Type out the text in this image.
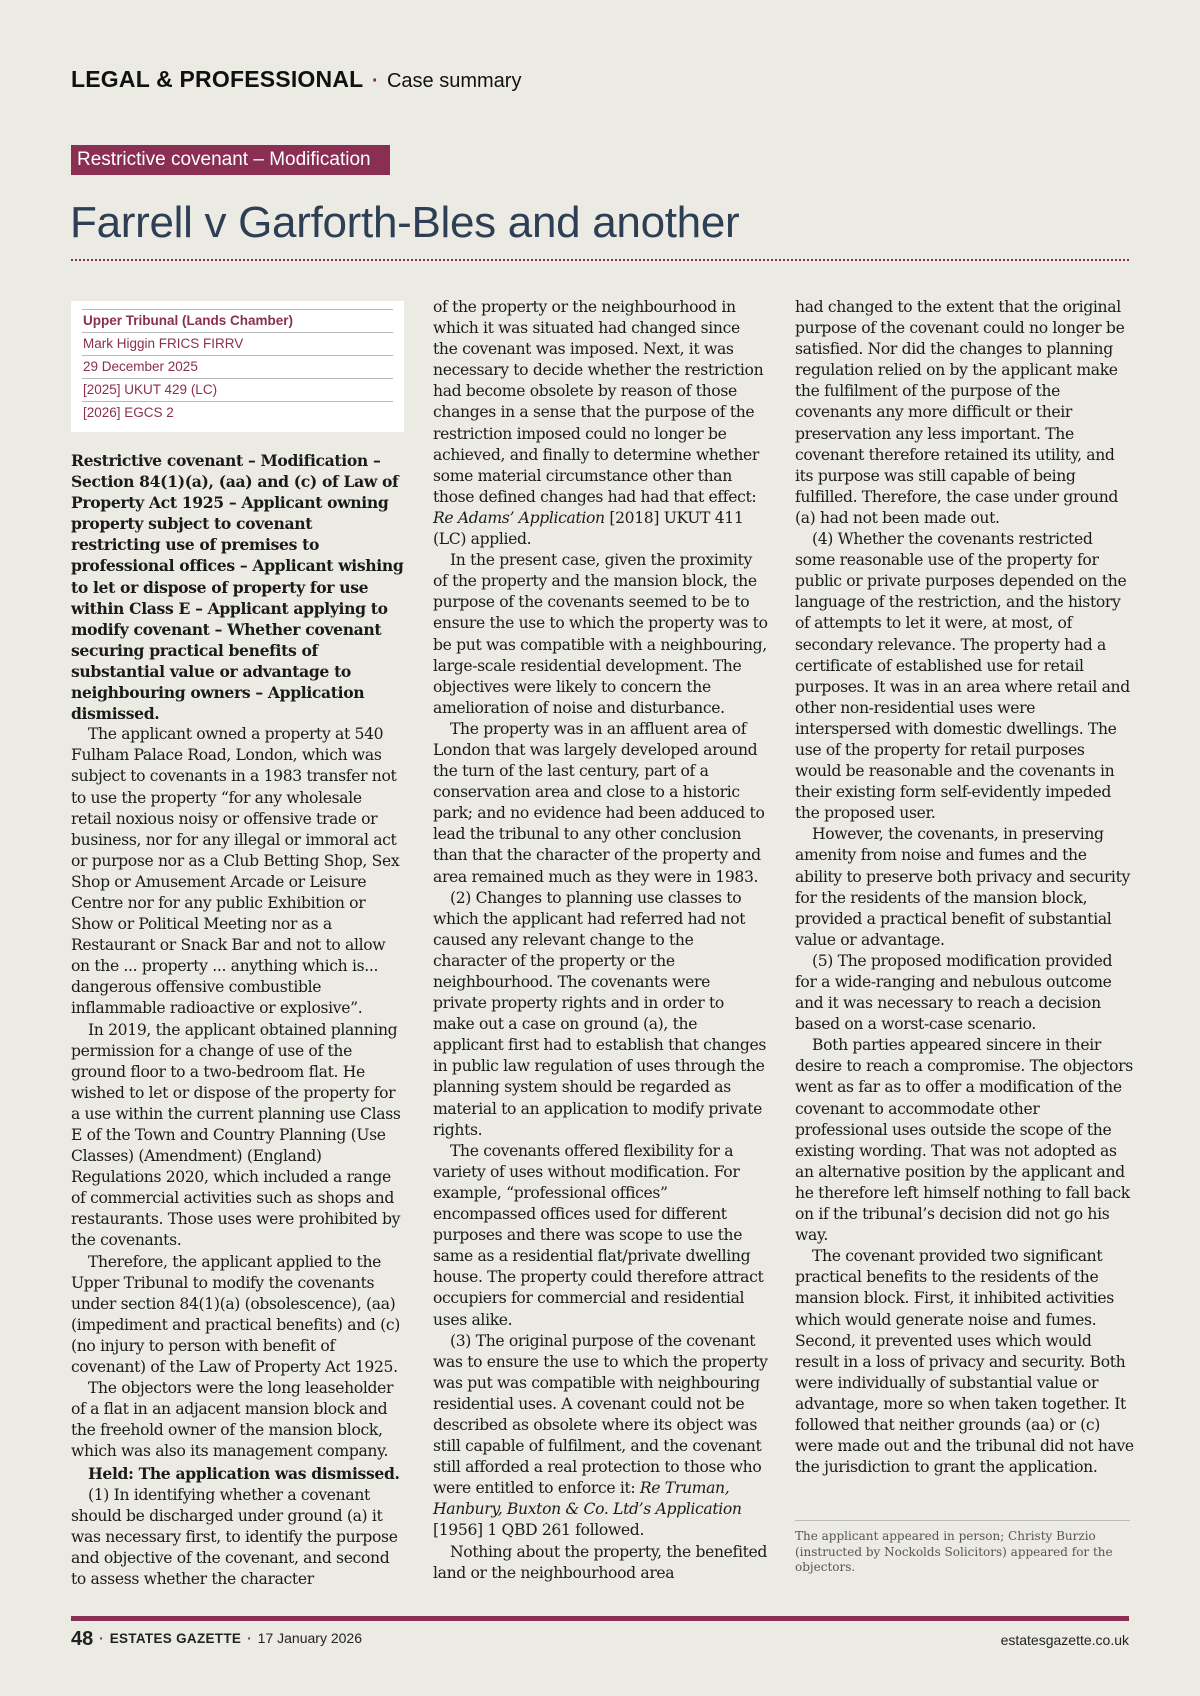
LEGAL & PROFESSIONAL · Case summary
Restrictive covenant – Modification
Farrell v Garforth-Bles and another
Upper Tribunal (Lands Chamber)
Mark Higgin FRICS FIRRV
29 December 2025
[2025] UKUT 429 (LC)
[2026] EGCS 2

Restrictive covenant – Modification – Section 84(1)(a), (aa) and (c) of Law of Property Act 1925 – Applicant owning property subject to covenant restricting use of premises to professional offices – Applicant wishing to let or dispose of property for use within Class E – Applicant applying to modify covenant – Whether covenant securing practical benefits of substantial value or advantage to neighbouring owners – Application dismissed.

The applicant owned a property at 540 Fulham Palace Road, London, which was subject to covenants in a 1983 transfer not to use the property “for any wholesale retail noxious noisy or offensive trade or business, nor for any illegal or immoral act or purpose nor as a Club Betting Shop, Sex Shop or Amusement Arcade or Leisure Centre nor for any public Exhibition or Show or Political Meeting nor as a Restaurant or Snack Bar and not to allow on the ... property ... anything which is... dangerous offensive combustible inflammable radioactive or explosive”.

In 2019, the applicant obtained planning permission for a change of use of the ground floor to a two-bedroom flat. He wished to let or dispose of the property for a use within the current planning use Class E of the Town and Country Planning (Use Classes) (Amendment) (England) Regulations 2020, which included a range of commercial activities such as shops and restaurants. Those uses were prohibited by the covenants.

Therefore, the applicant applied to the Upper Tribunal to modify the covenants under section 84(1)(a) (obsolescence), (aa) (impediment and practical benefits) and (c) (no injury to person with benefit of covenant) of the Law of Property Act 1925.

The objectors were the long leaseholder of a flat in an adjacent mansion block and the freehold owner of the mansion block, which was also its management company.

Held: The application was dismissed.

(1) In identifying whether a covenant should be discharged under ground (a) it was necessary first, to identify the purpose and objective of the covenant, and second to assess whether the character

of the property or the neighbourhood in which it was situated had changed since the covenant was imposed. Next, it was necessary to decide whether the restriction had become obsolete by reason of those changes in a sense that the purpose of the restriction imposed could no longer be achieved, and finally to determine whether some material circumstance other than those defined changes had had that effect: Re Adams’ Application [2018] UKUT 411 (LC) applied.

In the present case, given the proximity of the property and the mansion block, the purpose of the covenants seemed to be to ensure the use to which the property was to be put was compatible with a neighbouring, large-scale residential development. The objectives were likely to concern the amelioration of noise and disturbance.

The property was in an affluent area of London that was largely developed around the turn of the last century, part of a conservation area and close to a historic park; and no evidence had been adduced to lead the tribunal to any other conclusion than that the character of the property and area remained much as they were in 1983.

(2) Changes to planning use classes to which the applicant had referred had not caused any relevant change to the character of the property or the neighbourhood. The covenants were private property rights and in order to make out a case on ground (a), the applicant first had to establish that changes in public law regulation of uses through the planning system should be regarded as material to an application to modify private rights.

The covenants offered flexibility for a variety of uses without modification. For example, “professional offices” encompassed offices used for different purposes and there was scope to use the same as a residential flat/private dwelling house. The property could therefore attract occupiers for commercial and residential uses alike.

(3) The original purpose of the covenant was to ensure the use to which the property was put was compatible with neighbouring residential uses. A covenant could not be described as obsolete where its object was still capable of fulfilment, and the covenant still afforded a real protection to those who were entitled to enforce it: Re Truman, Hanbury, Buxton & Co. Ltd’s Application [1956] 1 QBD 261 followed.

Nothing about the property, the benefited land or the neighbourhood area

had changed to the extent that the original purpose of the covenant could no longer be satisfied. Nor did the changes to planning regulation relied on by the applicant make the fulfilment of the purpose of the covenants any more difficult or their preservation any less important. The covenant therefore retained its utility, and its purpose was still capable of being fulfilled. Therefore, the case under ground (a) had not been made out.

(4) Whether the covenants restricted some reasonable use of the property for public or private purposes depended on the language of the restriction, and the history of attempts to let it were, at most, of secondary relevance. The property had a certificate of established use for retail purposes. It was in an area where retail and other non-residential uses were interspersed with domestic dwellings. The use of the property for retail purposes would be reasonable and the covenants in their existing form self-evidently impeded the proposed user.

However, the covenants, in preserving amenity from noise and fumes and the ability to preserve both privacy and security for the residents of the mansion block, provided a practical benefit of substantial value or advantage.

(5) The proposed modification provided for a wide-ranging and nebulous outcome and it was necessary to reach a decision based on a worst-case scenario.

Both parties appeared sincere in their desire to reach a compromise. The objectors went as far as to offer a modification of the covenant to accommodate other professional uses outside the scope of the existing wording. That was not adopted as an alternative position by the applicant and he therefore left himself nothing to fall back on if the tribunal’s decision did not go his way.

The covenant provided two significant practical benefits to the residents of the mansion block. First, it inhibited activities which would generate noise and fumes. Second, it prevented uses which would result in a loss of privacy and security. Both were individually of substantial value or advantage, more so when taken together. It followed that neither grounds (aa) or (c) were made out and the tribunal did not have the jurisdiction to grant the application.

The applicant appeared in person; Christy Burzio (instructed by Nockolds Solicitors) appeared for the objectors.
48 · ESTATES GAZETTE · 17 January 2026	estatesgazette.co.uk
